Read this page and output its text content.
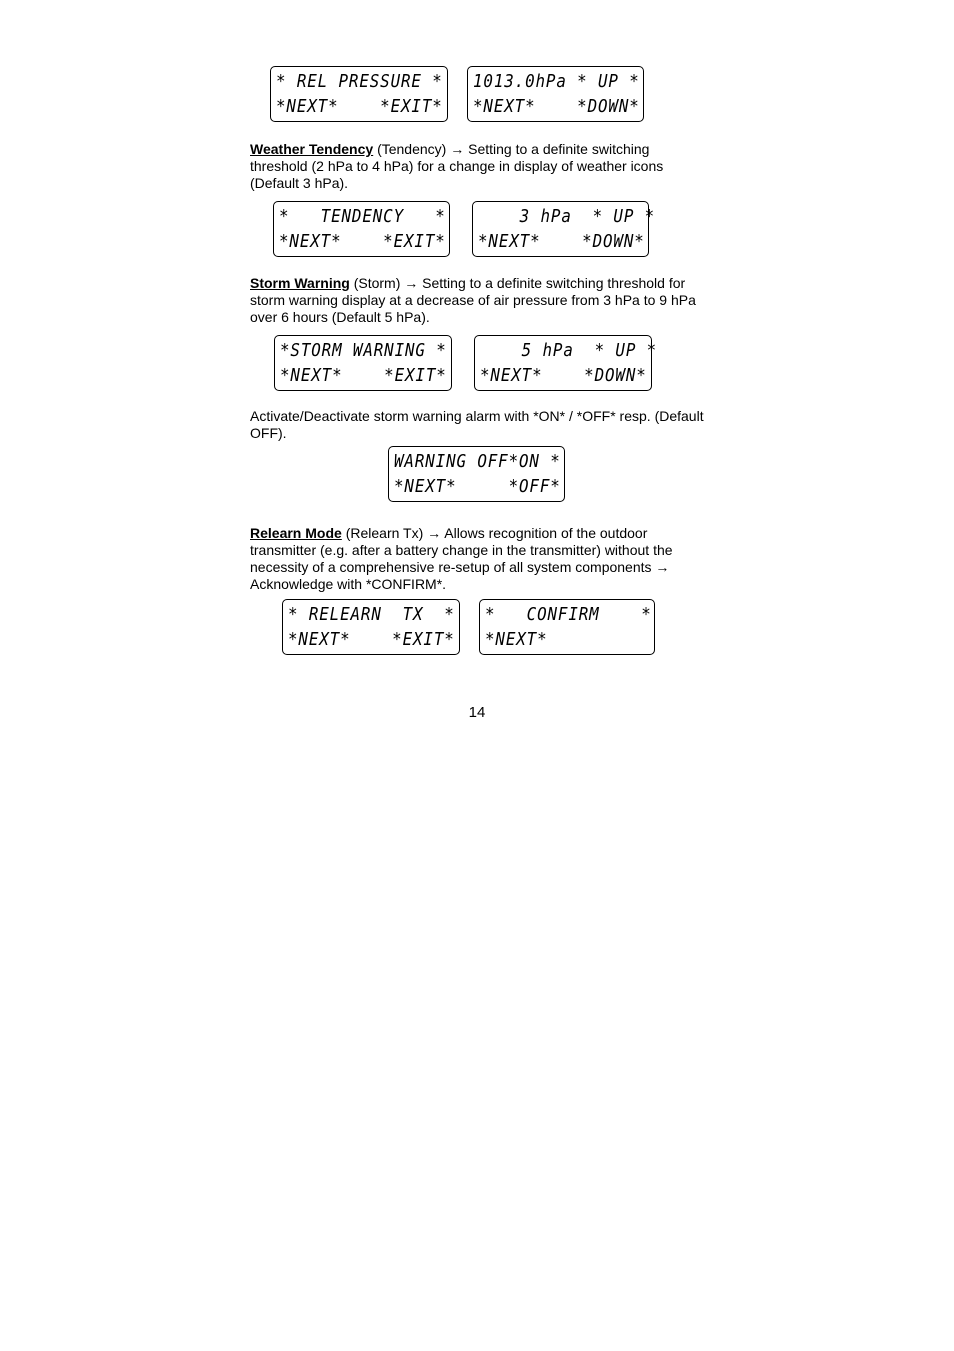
* REL PRESSURE *
*NEXT*    *EXIT*
1013.0hPa * UP *
*NEXT*    *DOWN*
Weather Tendency (Tendency) → Setting to a definite switching threshold (2 hPa to 4 hPa) for a change in display of weather icons (Default 3 hPa).
*   TENDENCY   *
*NEXT*    *EXIT*
3 hPa  * UP *
*NEXT*    *DOWN*
Storm Warning (Storm) → Setting to a definite switching threshold for storm warning display at a decrease of air pressure from 3 hPa to 9 hPa over 6 hours (Default 5 hPa).
*STORM WARNING *
*NEXT*    *EXIT*
5 hPa  * UP *
*NEXT*    *DOWN*
Activate/Deactivate storm warning alarm with *ON* / *OFF* resp. (Default OFF).
WARNING OFF*ON *
*NEXT*     *OFF*
Relearn Mode (Relearn Tx) → Allows recognition of the outdoor transmitter (e.g. after a battery change in the transmitter) without the necessity of a comprehensive re-setup of all system components → Acknowledge with *CONFIRM*.
* RELEARN  TX  *
*NEXT*    *EXIT*
*   CONFIRM    *
*NEXT*
14
